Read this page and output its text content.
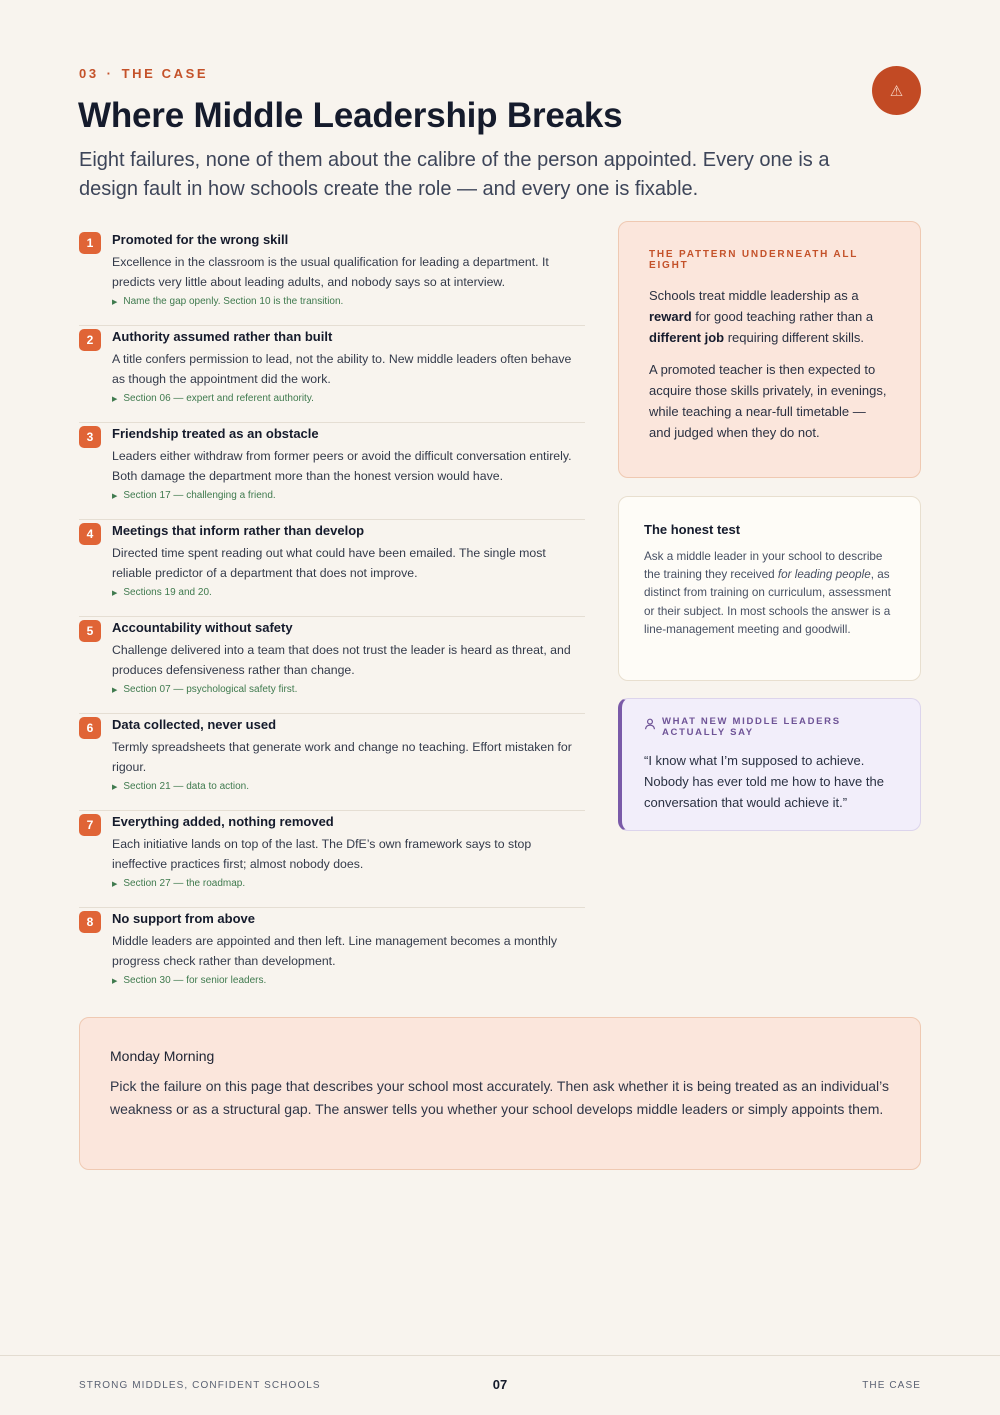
03 · THE CASE
⚠
Where Middle Leadership Breaks

Eight failures, none of them about the calibre of the person appointed. Every one is a design fault in how schools create the role — and every one is fixable.

1	Promoted for the wrong skill
Excellence in the classroom is the usual qualification for leading a department. It predicts very little about leading adults, and nobody says so at interview.
▶ Name the gap openly. Section 10 is the transition.
2	Authority assumed rather than built
A title confers permission to lead, not the ability to. New middle leaders often behave as though the appointment did the work.
▶ Section 06 — expert and referent authority.
3	Friendship treated as an obstacle
Leaders either withdraw from former peers or avoid the difficult conversation entirely. Both damage the department more than the honest version would have.
▶ Section 17 — challenging a friend.
4	Meetings that inform rather than develop
Directed time spent reading out what could have been emailed. The single most reliable predictor of a department that does not improve.
▶ Sections 19 and 20.
5	Accountability without safety
Challenge delivered into a team that does not trust the leader is heard as threat, and produces defensiveness rather than change.
▶ Section 07 — psychological safety first.
6	Data collected, never used
Termly spreadsheets that generate work and change no teaching. Effort mistaken for rigour.
▶ Section 21 — data to action.
7	Everything added, nothing removed
Each initiative lands on top of the last. The DfE’s own framework says to stop ineffective practices first; almost nobody does.
▶ Section 27 — the roadmap.
8	No support from above
Middle leaders are appointed and then left. Line management becomes a monthly progress check rather than development.
▶ Section 30 — for senior leaders.
THE PATTERN UNDERNEATH ALL EIGHT

Schools treat middle leadership as a reward for good teaching rather than a different job requiring different skills.

A promoted teacher is then expected to acquire those skills privately, in evenings, while teaching a near-full timetable — and judged when they do not.

The honest test

Ask a middle leader in your school to describe the training they received for leading people, as distinct from training on curriculum, assessment or their subject. In most schools the answer is a line-management meeting and goodwill.

WHAT NEW MIDDLE LEADERS ACTUALLY SAY

“I know what I’m supposed to achieve. Nobody has ever told me how to have the conversation that would achieve it.”

Monday Morning

Pick the failure on this page that describes your school most accurately. Then ask whether it is being treated as an individual’s weakness or as a structural gap. The answer tells you whether your school develops middle leaders or simply appoints them.

STRONG MIDDLES, CONFIDENT SCHOOLS	07	THE CASE
